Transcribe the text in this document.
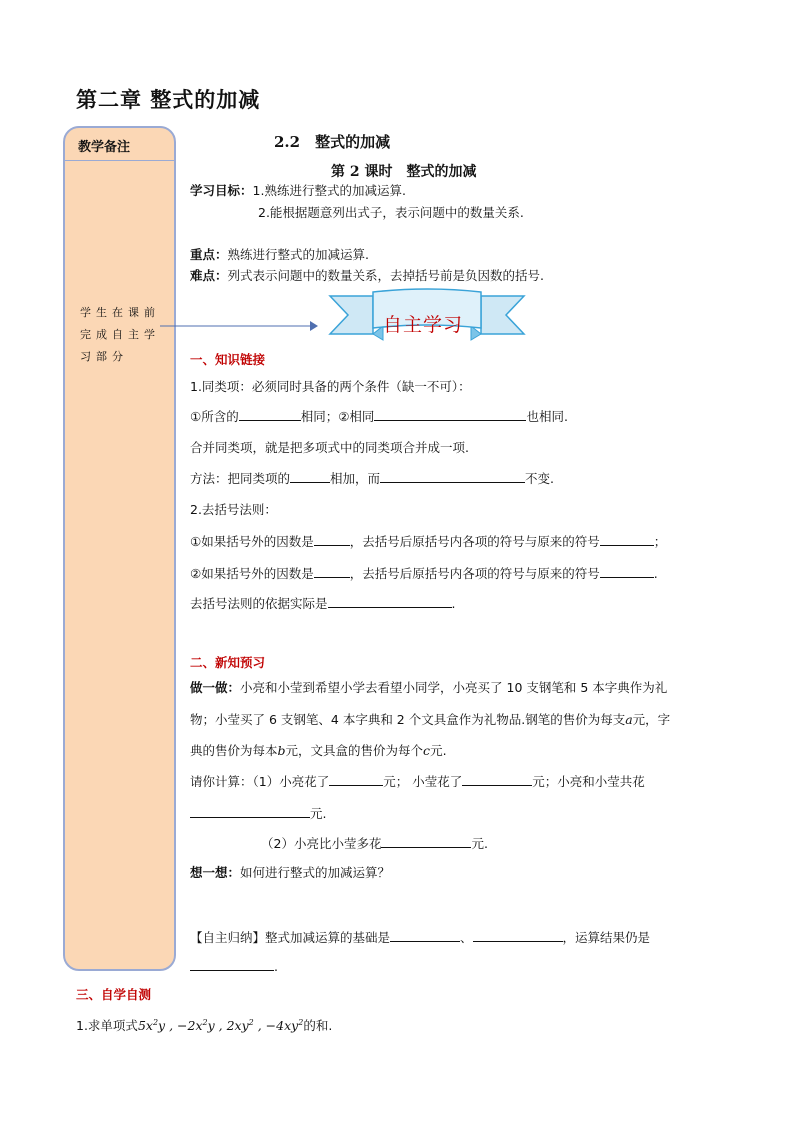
第二章 整式的加减
教学备注
学生在课前完成自主学习部分
2.2　整式的加减
第 2 课时　整式的加减
学习目标：1.熟练进行整式的加减运算.
2.能根据题意列出式子，表示问题中的数量关系.
重点：熟练进行整式的加减运算.
难点：列式表示问题中的数量关系，去掉括号前是负因数的括号.
自主学习
一、知识链接
1.同类项：必须同时具备的两个条件（缺一不可）：
①所含的	相同；②相同	也相同.
合并同类项，就是把多项式中的同类项合并成一项.
方法：把同类项的	相加，而	不变.
2.去括号法则：
①如果括号外的因数是	，去括号后原括号内各项的符号与原来的符号	；
②如果括号外的因数是	，去括号后原括号内各项的符号与原来的符号	.
去括号法则的依据实际是	.
二、新知预习
做一做：小亮和小莹到希望小学去看望小同学，小亮买了 10 支钢笔和 5 本字典作为礼
物；小莹买了 6 支钢笔、4 本字典和 2 个文具盒作为礼物品.钢笔的售价为每支a元，字
典的售价为每本b元，文具盒的售价为每个c元.
请你计算：（1）小亮花了	元； 小莹花了	元；小亮和小莹共花
元.
（2）小亮比小莹多花	元.
想一想：如何进行整式的加减运算？
【自主归纳】整式加减运算的基础是	、	，运算结果仍是
.
三、自学自测
1.求单项式$5x^2y$ , $-2x^2y$ , $2xy^2$ , $-4xy^2$的和.
